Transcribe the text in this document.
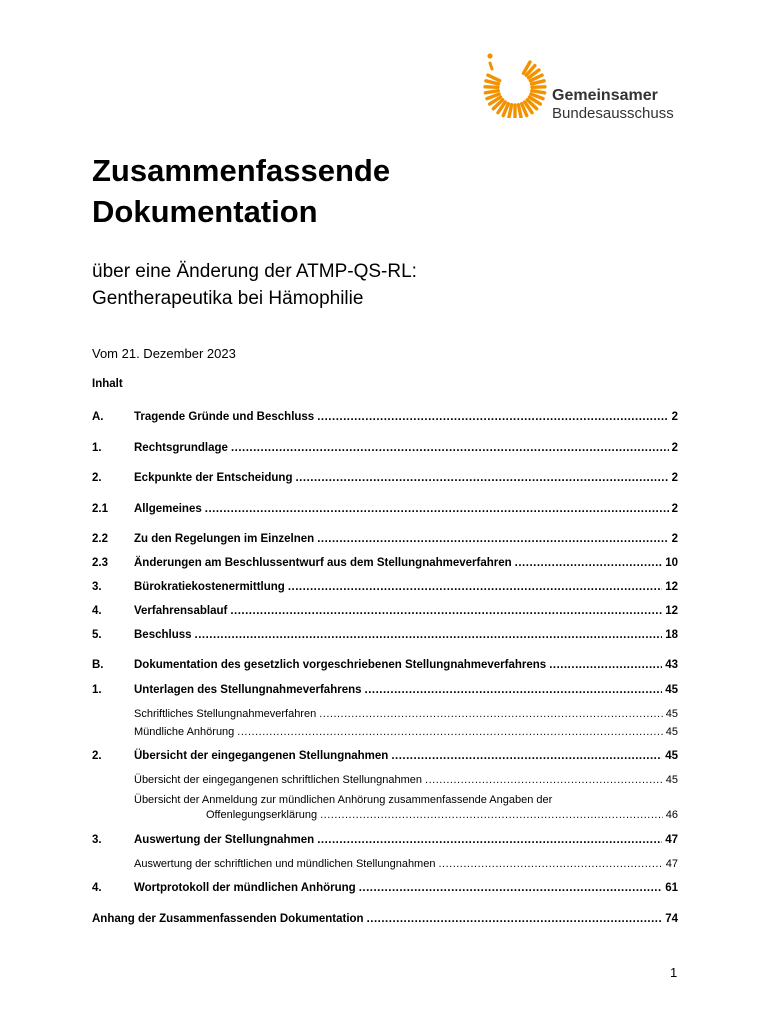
Gemeinsamer
Bundesausschuss
Zusammenfassende
Dokumentation
über eine Änderung der ATMP-QS-RL:
Gentherapeutika bei Hämophilie
Vom 21. Dezember 2023
Inhalt
A.	Tragende Gründe und Beschluss .....	2
1.	Rechtsgrundlage .....	2
2.	Eckpunkte der Entscheidung .....	2
2.1 Allgemeines .....	2
2.2 Zu den Regelungen im Einzelnen .....	2
2.3 Änderungen am Beschlussentwurf aus dem Stellungnahmeverfahren .....	10
3.	Bürokratiekostenermittlung .....	12
4.	Verfahrensablauf .....	12
5.	Beschluss .....	18
B.	Dokumentation des gesetzlich vorgeschriebenen Stellungnahmeverfahrens .....	43
1.	Unterlagen des Stellungnahmeverfahrens .....	45
Schriftliches Stellungnahmeverfahren .....	45
Mündliche Anhörung .....	45
2.	Übersicht der eingegangenen Stellungnahmen .....	45
Übersicht der eingegangenen schriftlichen Stellungnahmen .....	45
Übersicht der Anmeldung zur mündlichen Anhörung zusammenfassende Angaben der
Offenlegungserklärung .....	46
3.	Auswertung der Stellungnahmen .....	47
Auswertung der schriftlichen und mündlichen Stellungnahmen .....	47
4.	Wortprotokoll der mündlichen Anhörung .....	61
Anhang der Zusammenfassenden Dokumentation .....	74
1
